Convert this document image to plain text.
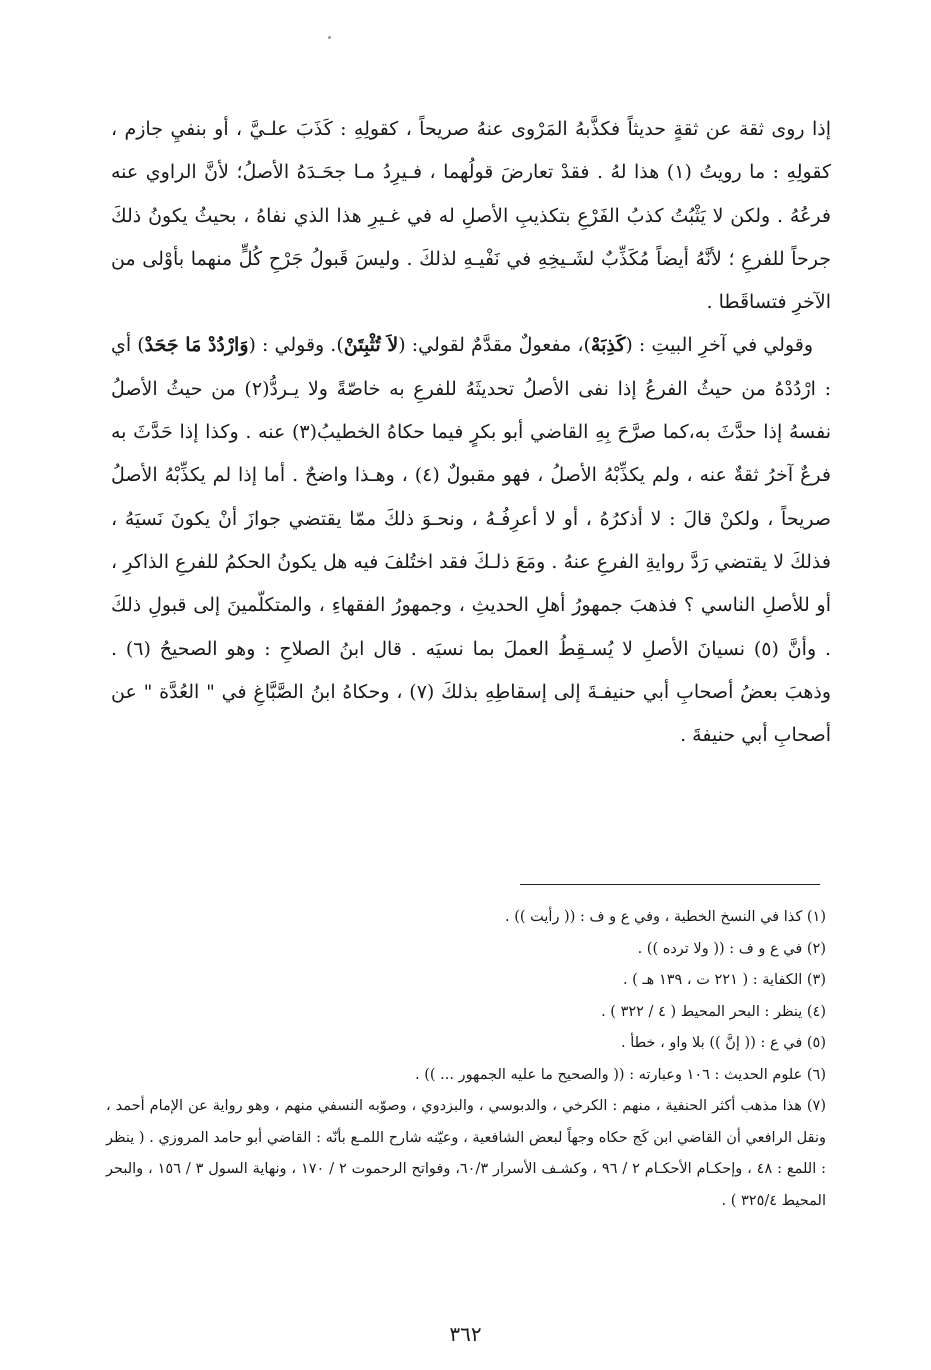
إذا روى ثقة عن ثقةٍ حديثاً فكذَّبهُ المَرْوى عنهُ صريحاً ، كقولِهِ : كَذَبَ علـيَّ ، أو بنفيِ جازم ، كقولِهِ : ما رويتُ (١) هذا لهُ . فقدْ تعارضَ قولُهما ، فـيرِدُ مـا جحَـدَهُ الأصلُ؛ لأنَّ الراوي عنه فرعُهُ . ولكن لا يَثْبُتُ كذبُ الفَرْعِ بتكذيبِ الأصلِ له في غـيرِ هذا الذي نفاهُ ، بحيثُ يكونُ ذلكَ جرحاً للفرعِ ؛ لأنَّهُ أيضاً مُكَذِّبٌ لشَـيخِهِ في نَفْيـهِ لذلكَ . وليسَ قَبولُ جَرْحِ كُلٍّ منهما بأوْلى من الآخرِ فتساقَطا .

وقولي في آخرِ البيتِ : (كَذِبَهْ)، مفعولٌ مقدَّمٌ لقولي: (لاَ تُثْبِتَنْ). وقولي : (وَارْدُدْ مَا جَحَدْ) أي : ارْدُدْهُ من حيثُ الفرعُ إذا نفى الأصلُ تحديثَهُ للفرعِ به خاصّةً ولا يـردُّ(٢) من حيثُ الأصلُ نفسهُ إذا حدَّثَ به،كما صرَّحَ بِهِ القاضي أبو بكرٍ فيما حكاهُ الخطيبُ(٣) عنه . وكذا إذا حَدَّثَ به فرعٌ آخرُ ثقةٌ عنه ، ولم يكذِّبْهُ الأصلُ ، فهو مقبولٌ (٤) ، وهـذا واضحٌ . أما إذا لم يكذِّبْهُ الأصلُ صريحاً ، ولكنْ قالَ : لا أذكرُهُ ، أو لا أعرِفُـهُ ، ونحـوَ ذلكَ ممّا يقتضي جوازَ أنْ يكونَ نَسيَهُ ، فذلكَ لا يقتضي رَدَّ روايةِ الفرعِ عنهُ . ومَعَ ذلـكَ فقد اختُلفَ فيه هل يكونُ الحكمُ للفرعِ الذاكرِ ، أو للأصلِ الناسي ؟ فذهبَ جمهورُ أهلِ الحديثِ ، وجمهورُ الفقهاءِ ، والمتكلّمينَ إلى قبولِ ذلكَ . وأنَّ (٥) نسيانَ الأصلِ لا يُسـقِطُ العملَ بما نسيَه . قال ابنُ الصلاحِ : وهو الصحيحُ (٦) . وذهبَ بعضُ أصحابِ أبي حنيفـةَ إلى إسقاطِهِ بذلكَ (٧) ، وحكاهُ ابنُ الصَّبَّاغِ في " العُدَّة " عن أصحابِ أبي حنيفةَ .

(١) كذا في النسخ الخطية ، وفي ع و ف : (( رأيت )) .

(٢) في ع و ف : (( ولا ترده )) .

(٣) الكفاية : ( ٢٢١ ت ، ١٣٩ هـ ) .

(٤) ينظر : البحر المحيط ( ٤ / ٣٢٢ ) .

(٥) في ع : (( إنَّ )) بلا واو ، خطأ .

(٦) علوم الحديث : ١٠٦ وعبارته : (( والصحيح ما عليه الجمهور ... )) .

(٧) هذا مذهب أكثر الحنفية ، منهم : الكرخي ، والدبوسي ، والبزدوي ، وصوّبه النسفي منهم ، وهو رواية عن الإمام أحمد ، ونقل الرافعي أن القاضي ابن كَج حكاه وجهاً لبعض الشافعية ، وعيّنه شارح اللمـع بأنّه : القاضي أبو حامد المروزي . ( ينظر : اللمع : ٤٨ ، وإحكـام الأحكـام ٢ / ٩٦ ، وكشـف الأسرار ٦٠/٣، وفواتح الرحموت ٢ / ١٧٠ ، ونهاية السول ٣ / ١٥٦ ، والبحر المحيط ٣٢٥/٤ ) .

٣٦٢
